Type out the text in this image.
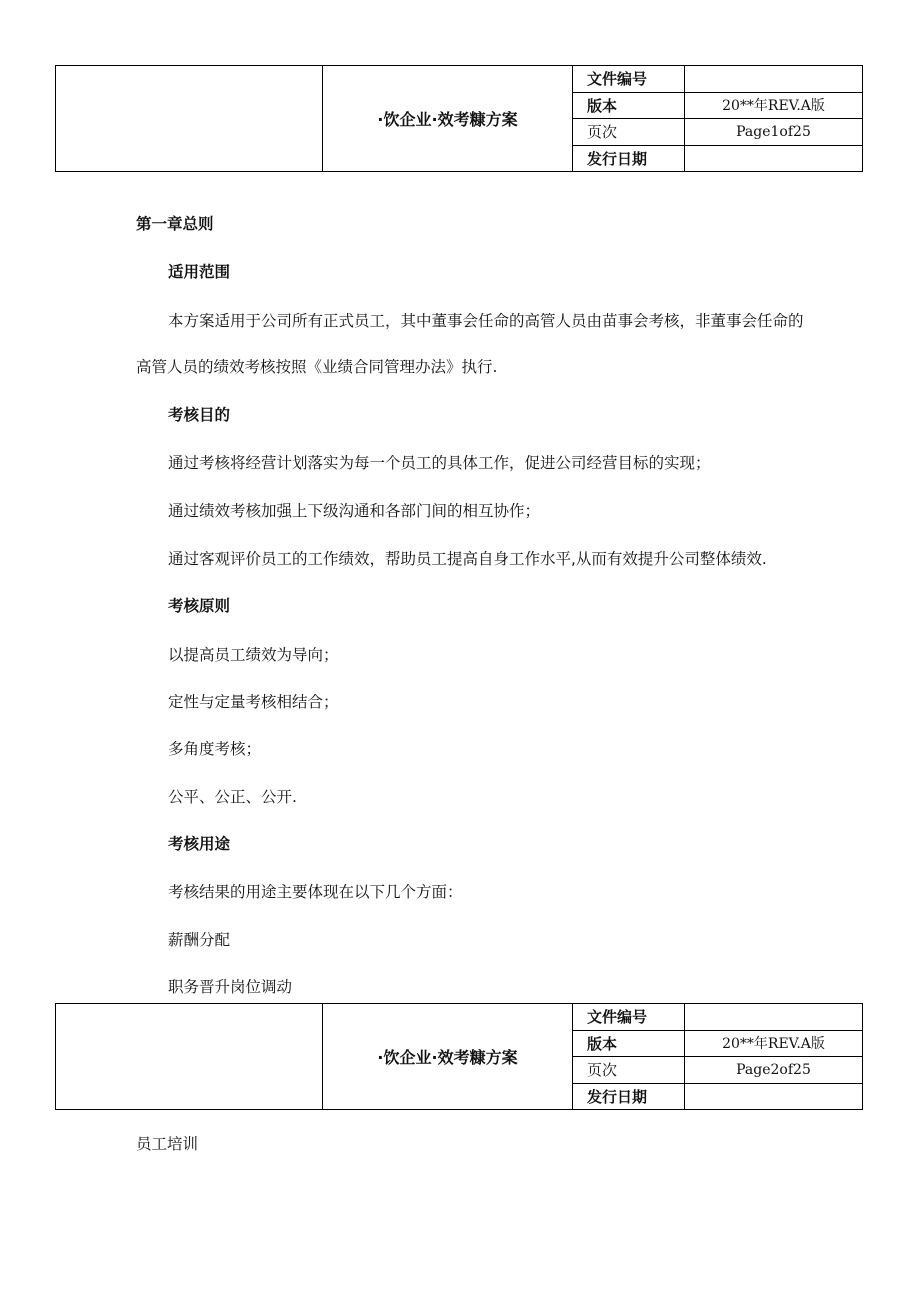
·饮企业·效考糠方案
文件编号
版本
页次
发行日期
20**年REV.A版
Page1of25
第一章总则
适用范围
本方案适用于公司所有正式员工，其中董事会任命的高管人员由苗事会考核，非董事会任命的
高管人员的绩效考核按照《业绩合同管理办法》执行.
考核目的
通过考核将经营计划落实为每一个员工的具体工作，促进公司经营目标的实现；
通过绩效考核加强上下级沟通和各部门间的相互协作；
通过客观评价员工的工作绩效，帮助员工提高自身工作水平,从而有效提升公司整体绩效.
考核原则
以提高员工绩效为导向；
定性与定量考核相结合；
多角度考核；
公平、公正、公开.
考核用途
考核结果的用途主要体现在以下几个方面：
薪酬分配
职务晋升岗位调动
·饮企业·效考糠方案
文件编号
版本
页次
发行日期
20**年REV.A版
Page2of25
员工培训
